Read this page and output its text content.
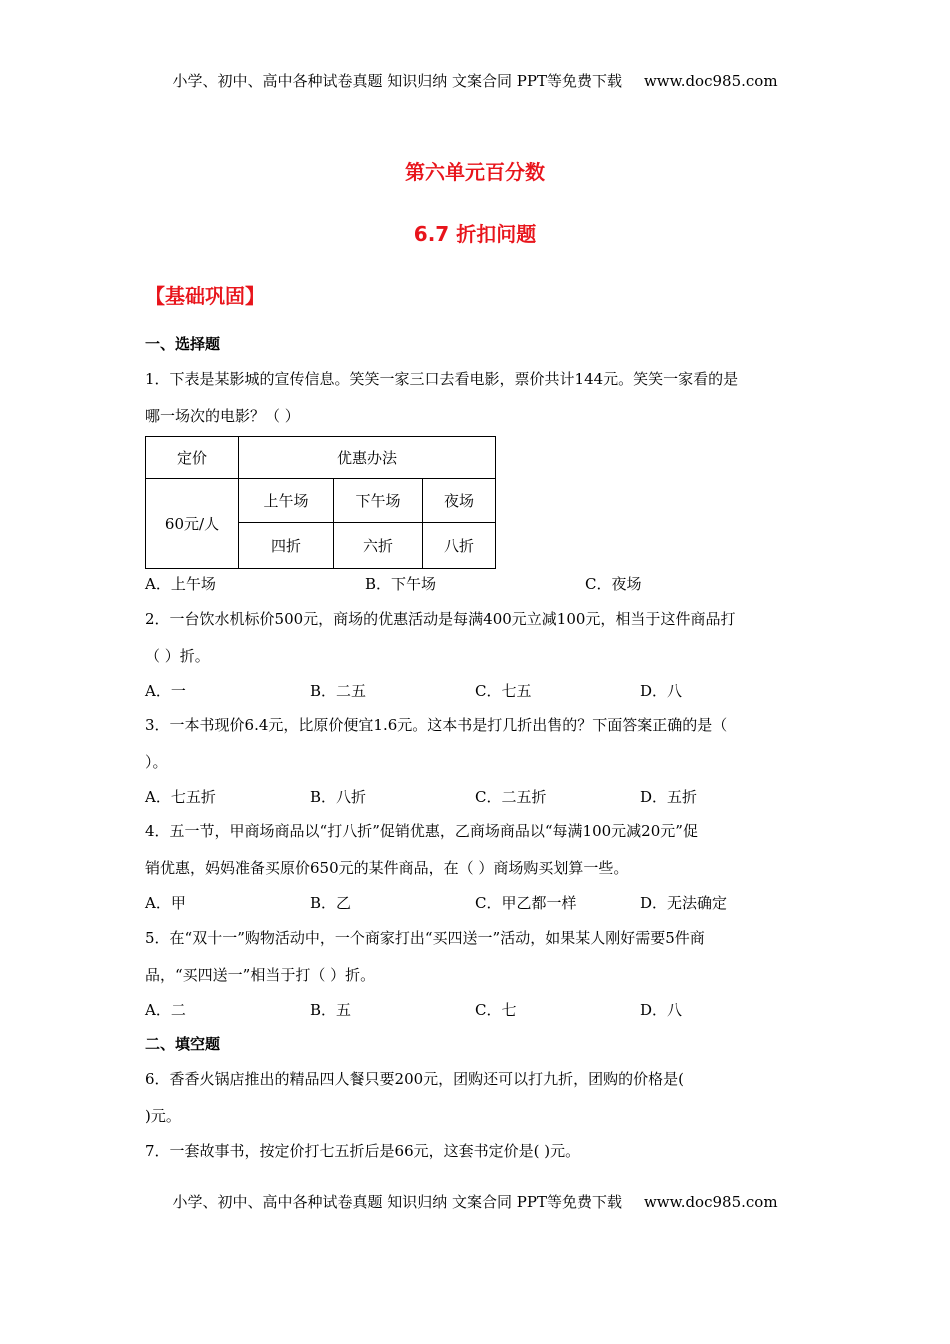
小学、初中、高中各种试卷真题 知识归纳 文案合同 PPT等免费下载 www.doc985.com
第六单元百分数
6.7 折扣问题
【基础巩固】
一、选择题
1．下表是某影城的宣传信息。笑笑一家三口去看电影，票价共计144元。笑笑一家看的是
哪一场次的电影？（ ）
定价	优惠办法		
60元/人	上午场	下午场	夜场
	四折	六折	八折
A．上午场	B．下午场	C．夜场
2．一台饮水机标价500元，商场的优惠活动是每满400元立减100元，相当于这件商品打
（ ）折。
A．一	B．二五	C．七五	D．八
3．一本书现价6.4元，比原价便宜1.6元。这本书是打几折出售的？下面答案正确的是（
）。
A．七五折	B．八折	C．二五折	D．五折
4．五一节，甲商场商品以“打八折”促销优惠，乙商场商品以“每满100元减20元”促
销优惠，妈妈准备买原价650元的某件商品，在（ ）商场购买划算一些。
A．甲	B．乙	C．甲乙都一样	D．无法确定
5．在“双十一”购物活动中，一个商家打出“买四送一”活动，如果某人刚好需要5件商
品，“买四送一”相当于打（ ）折。
A．二	B．五	C．七	D．八
二、填空题
6．香香火锅店推出的精品四人餐只要200元，团购还可以打九折，团购的价格是(
)元。
7．一套故事书，按定价打七五折后是66元，这套书定价是( )元。
小学、初中、高中各种试卷真题 知识归纳 文案合同 PPT等免费下载 www.doc985.com
